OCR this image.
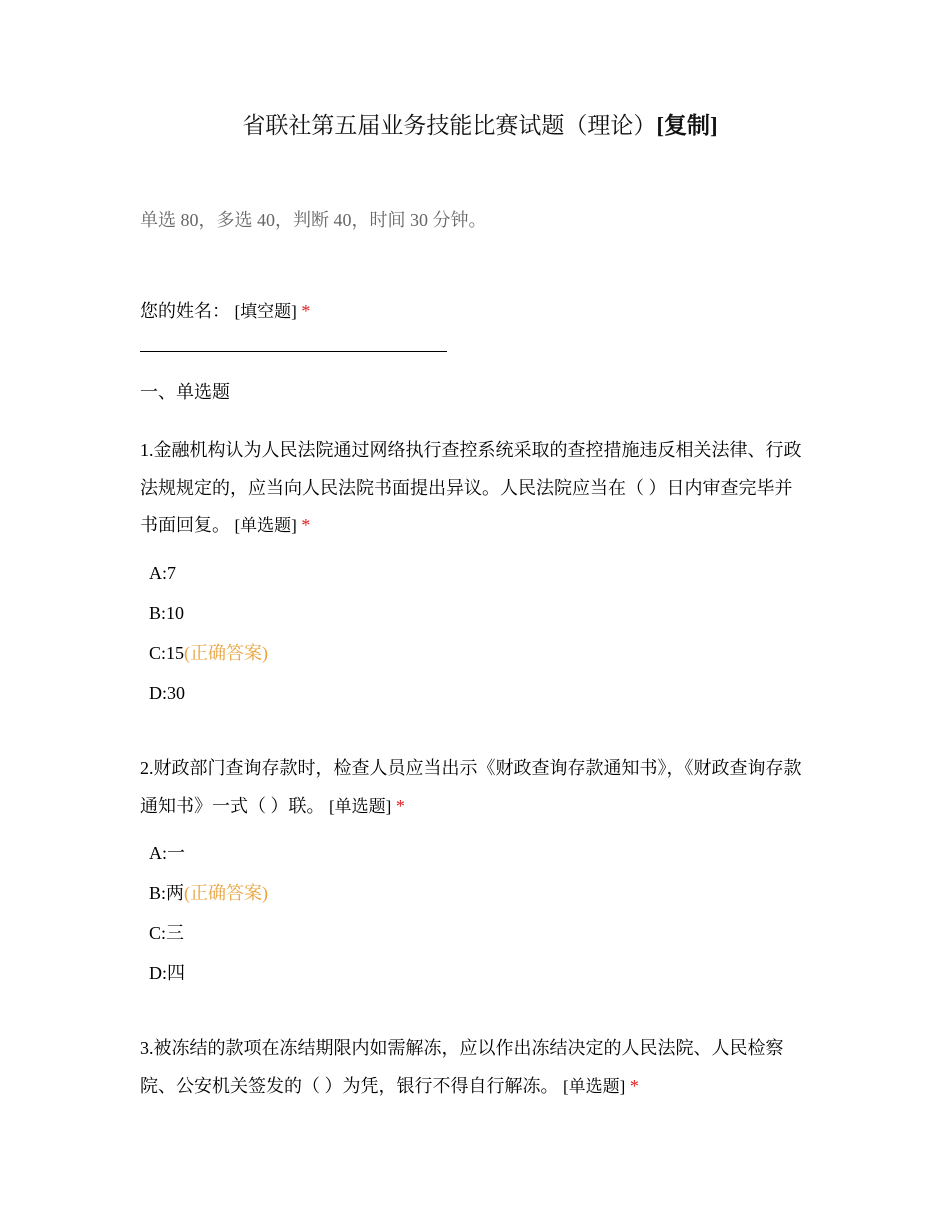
省联社第五届业务技能比赛试题（理论）[复制]
单选 80，多选 40，判断 40，时间 30 分钟。
您的姓名： [填空题] *
一、单选题
1.金融机构认为人民法院通过网络执行查控系统采取的查控措施违反相关法律、行政法规规定的，应当向人民法院书面提出异议。人民法院应当在（ ）日内审查完毕并书面回复。 [单选题] *
A:7
B:10
C:15(正确答案)
D:30
2.财政部门查询存款时，检查人员应当出示《财政查询存款通知书》，《财政查询存款通知书》一式（ ）联。 [单选题] *
A:一
B:两(正确答案)
C:三
D:四
3.被冻结的款项在冻结期限内如需解冻，应以作出冻结决定的人民法院、人民检察院、公安机关签发的（ ）为凭，银行不得自行解冻。 [单选题] *
